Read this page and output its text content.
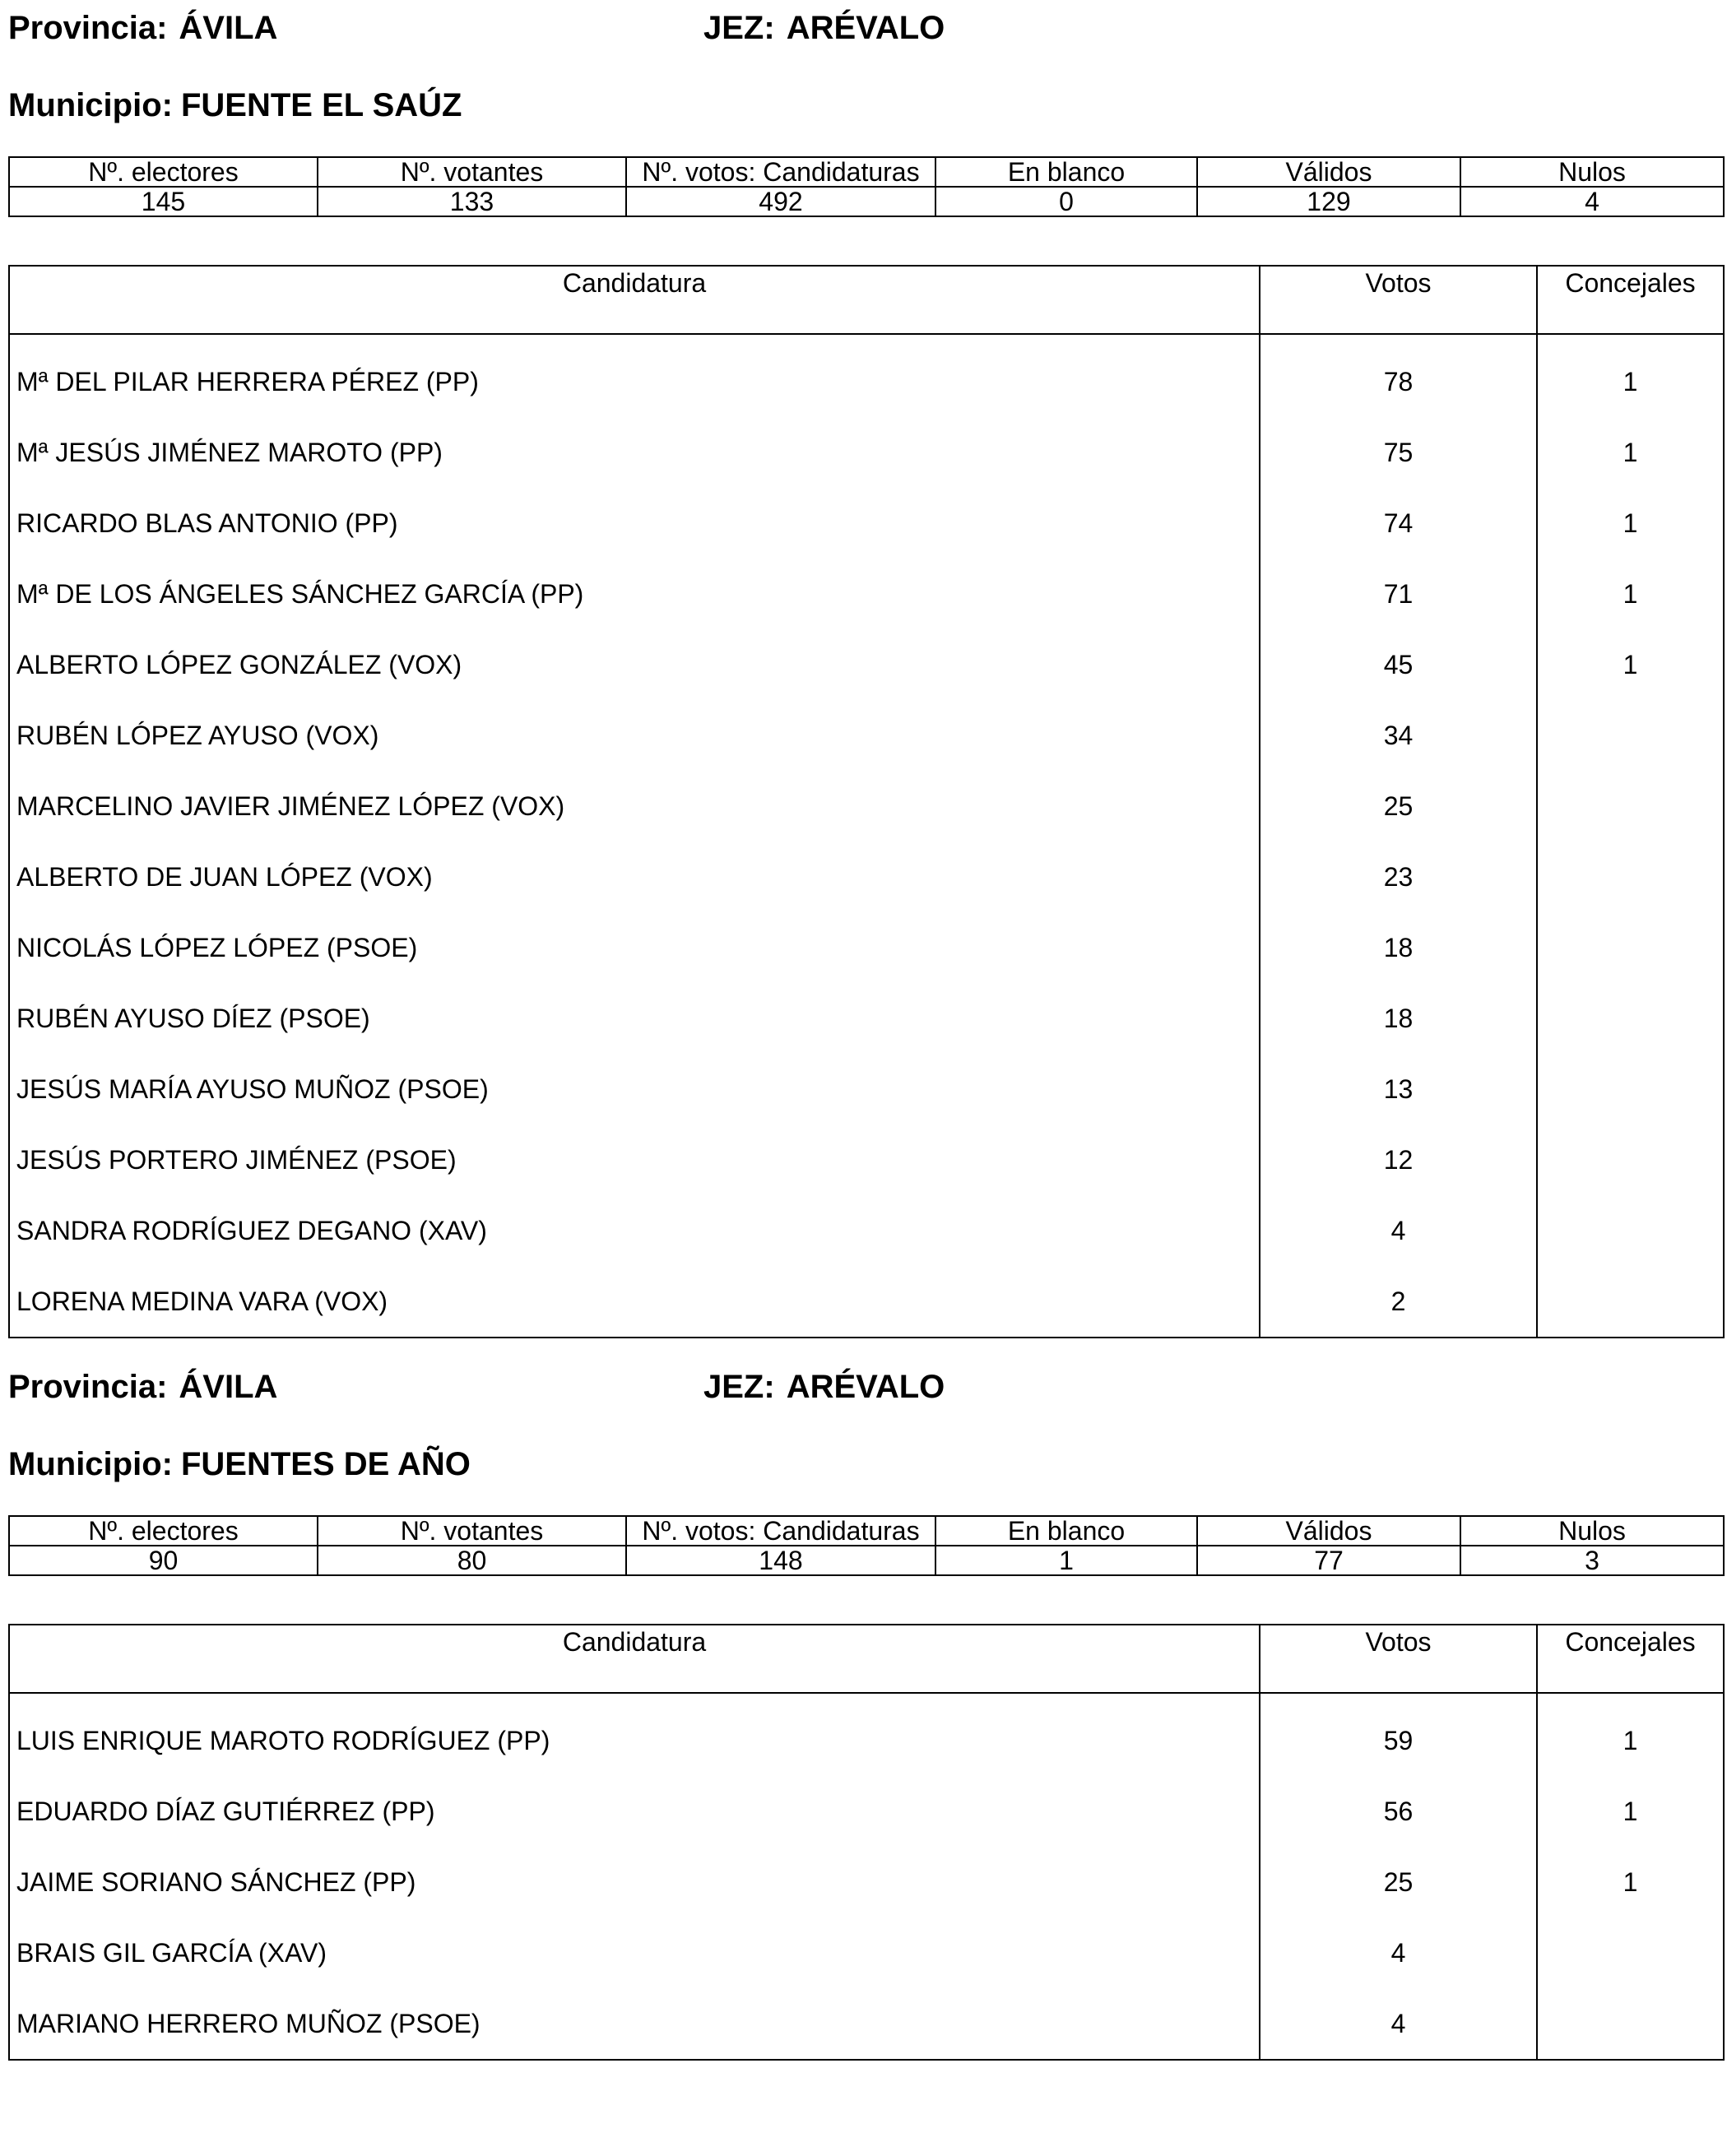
Provincia: ÁVILA	JEZ: ARÉVALO
Municipio: FUENTE EL SAÚZ
Nº. electores	Nº. votantes	Nº. votos: Candidaturas	En blanco	Válidos	Nulos
145	133	492	0	129	4
Candidatura	Votos	Concejales
Mª DEL PILAR HERRERA PÉREZ (PP)	78	1
Mª JESÚS JIMÉNEZ MAROTO (PP)	75	1
RICARDO BLAS ANTONIO (PP)	74	1
Mª DE LOS ÁNGELES SÁNCHEZ GARCÍA (PP)	71	1
ALBERTO LÓPEZ GONZÁLEZ (VOX)	45	1
RUBÉN LÓPEZ AYUSO (VOX)	34	
MARCELINO JAVIER JIMÉNEZ LÓPEZ (VOX)	25	
ALBERTO DE JUAN LÓPEZ (VOX)	23	
NICOLÁS LÓPEZ LÓPEZ (PSOE)	18	
RUBÉN AYUSO DÍEZ (PSOE)	18	
JESÚS MARÍA AYUSO MUÑOZ (PSOE)	13	
JESÚS PORTERO JIMÉNEZ (PSOE)	12	
SANDRA RODRÍGUEZ DEGANO (XAV)	4	
LORENA MEDINA VARA (VOX)	2	
Provincia: ÁVILA	JEZ: ARÉVALO
Municipio: FUENTES DE AÑO
Nº. electores	Nº. votantes	Nº. votos: Candidaturas	En blanco	Válidos	Nulos
90	80	148	1	77	3
Candidatura	Votos	Concejales
LUIS ENRIQUE MAROTO RODRÍGUEZ (PP)	59	1
EDUARDO DÍAZ GUTIÉRREZ (PP)	56	1
JAIME SORIANO SÁNCHEZ (PP)	25	1
BRAIS GIL GARCÍA (XAV)	4	
MARIANO HERRERO MUÑOZ (PSOE)	4	
